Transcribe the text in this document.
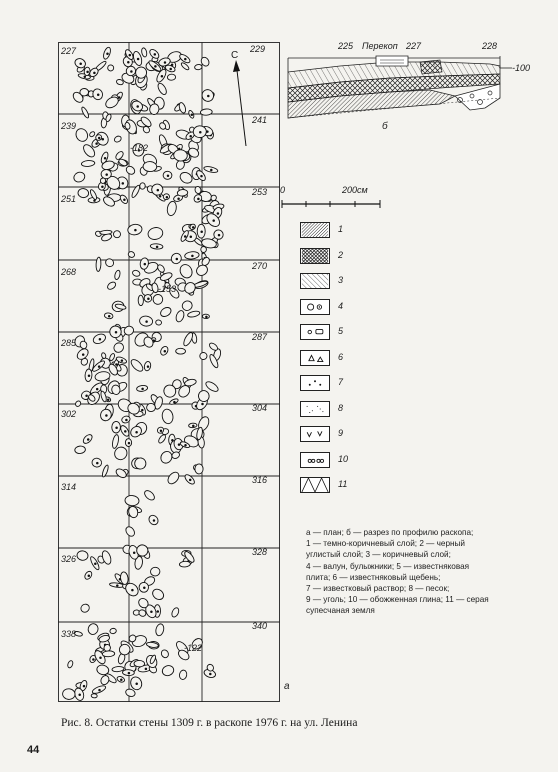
227	229
239
241
251
253
268
270
285
287
302
304
314
316
326
328
338
340
-182
-153
-122
а
С
225 Перекоп 227	228
-100
б
0	200см
1
2
3
4
5
6
7
8
9
10
11

а — план; б — разрез по профилю раскопа;

1 — темно-коричневый слой; 2 — черный

углистый слой; 3 — коричневый слой;

4 — валун, булыжники; 5 — известняковая

плита; 6 — известняковый щебень;

7 — известковый раствор; 8 — песок;

9 — уголь; 10 — обожженная глина; 11 — серая

супесчаная земля

Рис. 8. Остатки стены 1309 г. в раскопе 1976 г. на ул. Ленина
44
